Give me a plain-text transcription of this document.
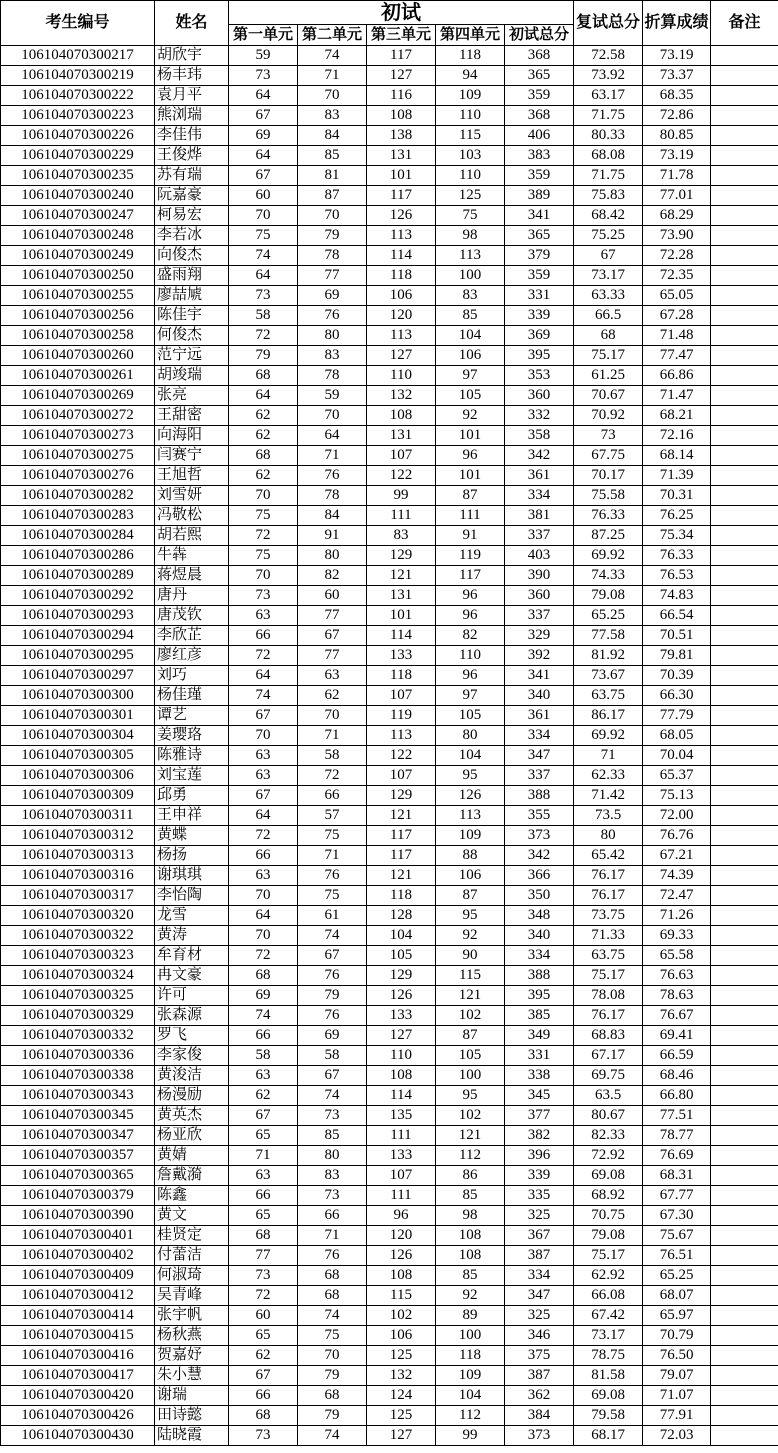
考生编号	姓名	初试					复试总分	折算成绩	备注
		第一单元	第二单元	第三单元	第四单元	初试总分			
106104070300217	胡欣宇	59	74	117	118	368	72.58	73.19	
106104070300219	杨丰玮	73	71	127	94	365	73.92	73.37	
106104070300222	袁月平	64	70	116	109	359	63.17	68.35	
106104070300223	熊浏瑞	67	83	108	110	368	71.75	72.86	
106104070300226	李佳伟	69	84	138	115	406	80.33	80.85	
106104070300229	王俊烨	64	85	131	103	383	68.08	73.19	
106104070300235	苏有瑞	67	81	101	110	359	71.75	71.78	
106104070300240	阮嘉豪	60	87	117	125	389	75.83	77.01	
106104070300247	柯易宏	70	70	126	75	341	68.42	68.29	
106104070300248	李若冰	75	79	113	98	365	75.25	73.90	
106104070300249	向俊杰	74	78	114	113	379	67	72.28	
106104070300250	盛雨翔	64	77	118	100	359	73.17	72.35	
106104070300255	廖喆虓	73	69	106	83	331	63.33	65.05	
106104070300256	陈佳宇	58	76	120	85	339	66.5	67.28	
106104070300258	何俊杰	72	80	113	104	369	68	71.48	
106104070300260	范宁远	79	83	127	106	395	75.17	77.47	
106104070300261	胡竣瑞	68	78	110	97	353	61.25	66.86	
106104070300269	张亮	64	59	132	105	360	70.67	71.47	
106104070300272	王甜密	62	70	108	92	332	70.92	68.21	
106104070300273	向海阳	62	64	131	101	358	73	72.16	
106104070300275	闫赛宁	68	71	107	96	342	67.75	68.14	
106104070300276	王旭哲	62	76	122	101	361	70.17	71.39	
106104070300282	刘雪妍	70	78	99	87	334	75.58	70.31	
106104070300283	冯敬松	75	84	111	111	381	76.33	76.25	
106104070300284	胡若熙	72	91	83	91	337	87.25	75.34	
106104070300286	牛犇	75	80	129	119	403	69.92	76.33	
106104070300289	蒋煜晨	70	82	121	117	390	74.33	76.53	
106104070300292	唐丹	73	60	131	96	360	79.08	74.83	
106104070300293	唐茂钦	63	77	101	96	337	65.25	66.54	
106104070300294	李欣芷	66	67	114	82	329	77.58	70.51	
106104070300295	廖红彦	72	77	133	110	392	81.92	79.81	
106104070300297	刘巧	64	63	118	96	341	73.67	70.39	
106104070300300	杨佳瑾	74	62	107	97	340	63.75	66.30	
106104070300301	谭艺	67	70	119	105	361	86.17	77.79	
106104070300304	姜璎珞	70	71	113	80	334	69.92	68.05	
106104070300305	陈雅诗	63	58	122	104	347	71	70.04	
106104070300306	刘宝莲	63	72	107	95	337	62.33	65.37	
106104070300309	邱勇	67	66	129	126	388	71.42	75.13	
106104070300311	王申祥	64	57	121	113	355	73.5	72.00	
106104070300312	黄蝶	72	75	117	109	373	80	76.76	
106104070300313	杨扬	66	71	117	88	342	65.42	67.21	
106104070300316	谢琪琪	63	76	121	106	366	76.17	74.39	
106104070300317	李怡陶	70	75	118	87	350	76.17	72.47	
106104070300320	龙雪	64	61	128	95	348	73.75	71.26	
106104070300322	黄涛	70	74	104	92	340	71.33	69.33	
106104070300323	牟育材	72	67	105	90	334	63.75	65.58	
106104070300324	冉文豪	68	76	129	115	388	75.17	76.63	
106104070300325	许可	69	79	126	121	395	78.08	78.63	
106104070300329	张森源	74	76	133	102	385	76.17	76.67	
106104070300332	罗飞	66	69	127	87	349	68.83	69.41	
106104070300336	李家俊	58	58	110	105	331	67.17	66.59	
106104070300338	黄浚洁	63	67	108	100	338	69.75	68.46	
106104070300343	杨漫励	62	74	114	95	345	63.5	66.80	
106104070300345	黄英杰	67	73	135	102	377	80.67	77.51	
106104070300347	杨亚欣	65	85	111	121	382	82.33	78.77	
106104070300357	黄婧	71	80	133	112	396	72.92	76.69	
106104070300365	詹戴漪	63	83	107	86	339	69.08	68.31	
106104070300379	陈鑫	66	73	111	85	335	68.92	67.77	
106104070300390	黄文	65	66	96	98	325	70.75	67.30	
106104070300401	桂贤定	68	71	120	108	367	79.08	75.67	
106104070300402	付蕾洁	77	76	126	108	387	75.17	76.51	
106104070300409	何淑琦	73	68	108	85	334	62.92	65.25	
106104070300412	吴青峰	72	68	115	92	347	66.08	68.07	
106104070300414	张宇帆	60	74	102	89	325	67.42	65.97	
106104070300415	杨秋燕	65	75	106	100	346	73.17	70.79	
106104070300416	贺嘉妤	62	70	125	118	375	78.75	76.50	
106104070300417	朱小慧	67	79	132	109	387	81.58	79.07	
106104070300420	谢瑞	66	68	124	104	362	69.08	71.07	
106104070300426	田诗懿	68	79	125	112	384	79.58	77.91	
106104070300430	陆晓霞	73	74	127	99	373	68.17	72.03	
